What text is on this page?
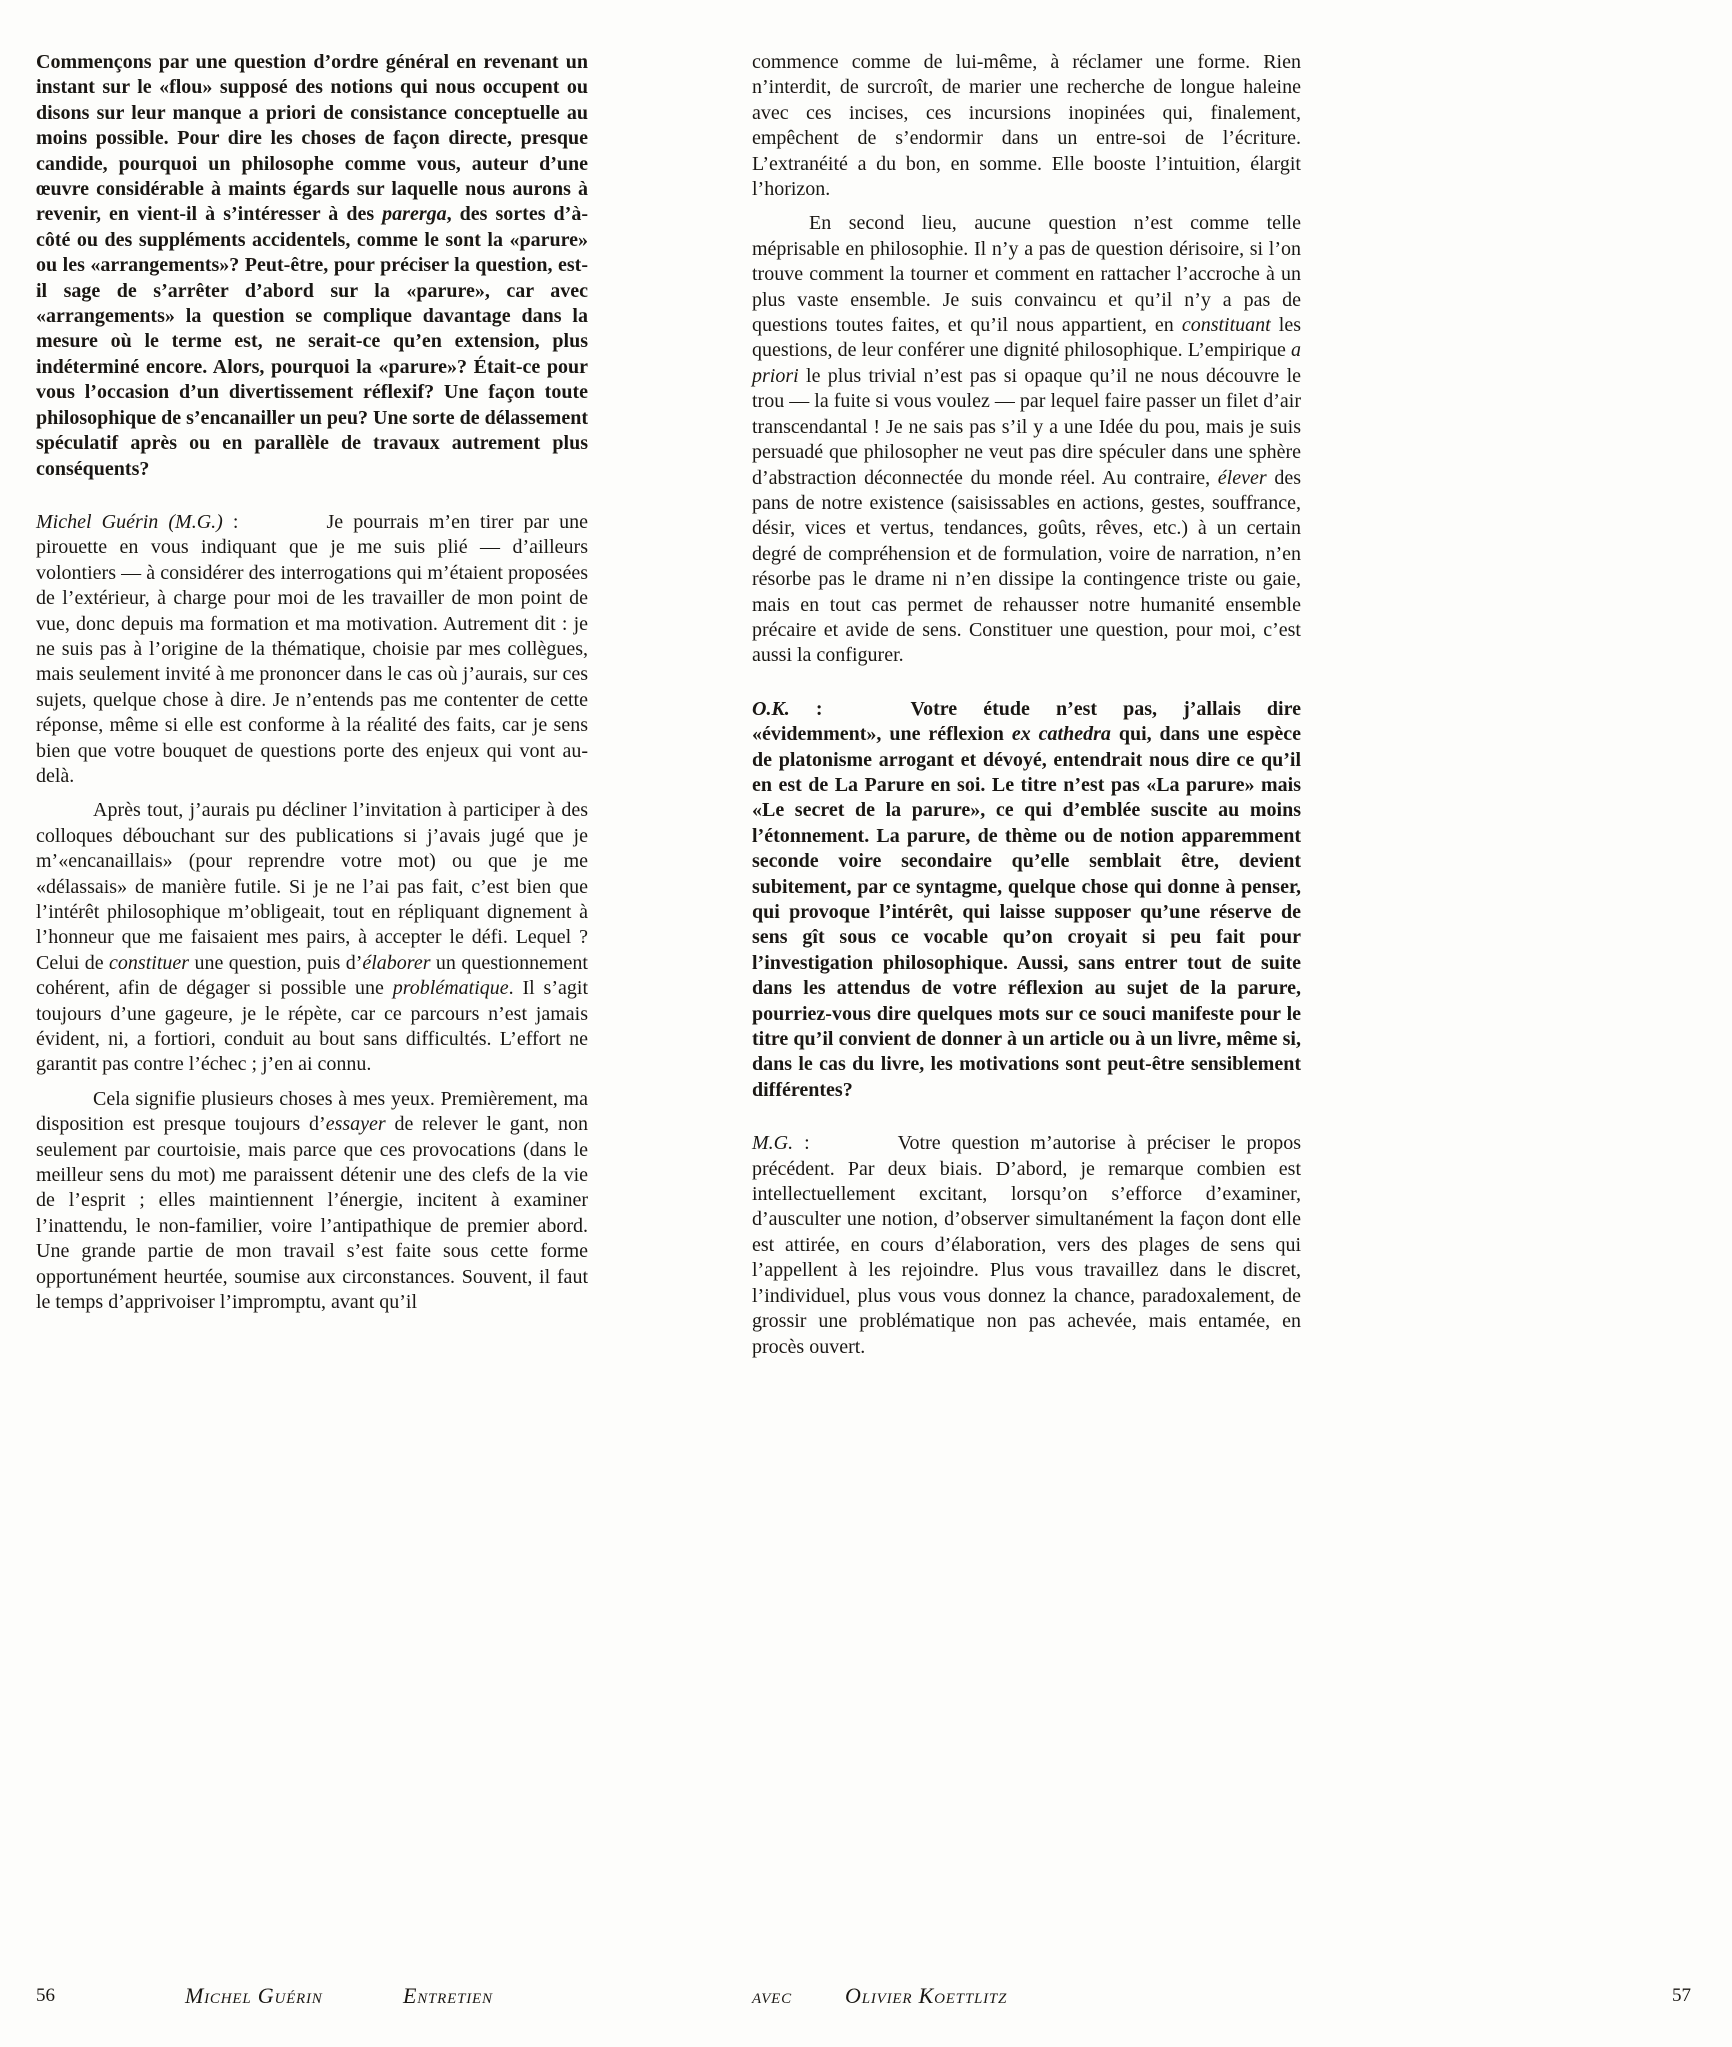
Commençons par une question d’ordre général en revenant un instant sur le «flou» supposé des notions qui nous occupent ou disons sur leur manque a priori de consistance conceptuelle au moins possible. Pour dire les choses de façon directe, presque candide, pourquoi un philosophe comme vous, auteur d’une œuvre considérable à maints égards sur laquelle nous aurons à revenir, en vient-il à s’intéresser à des parerga, des sortes d’à-côté ou des suppléments accidentels, comme le sont la «parure» ou les «arrangements»? Peut-être, pour préciser la question, est-il sage de s’arrêter d’abord sur la «parure», car avec «arrangements» la question se complique davantage dans la mesure où le terme est, ne serait-ce qu’en extension, plus indéterminé encore. Alors, pourquoi la «parure»? Était-ce pour vous l’occasion d’un divertissement réflexif? Une façon toute philosophique de s’encanailler un peu? Une sorte de délassement spéculatif après ou en parallèle de travaux autrement plus conséquents?

Michel Guérin (M.G.) :	Je pourrais m’en tirer par une pirouette en vous indiquant que je me suis plié — d’ailleurs volontiers — à considérer des interrogations qui m’étaient proposées de l’extérieur, à charge pour moi de les travailler de mon point de vue, donc depuis ma formation et ma motivation. Autrement dit : je ne suis pas à l’origine de la thématique, choisie par mes collègues, mais seulement invité à me prononcer dans le cas où j’aurais, sur ces sujets, quelque chose à dire. Je n’entends pas me contenter de cette réponse, même si elle est conforme à la réalité des faits, car je sens bien que votre bouquet de questions porte des enjeux qui vont au-delà.

Après tout, j’aurais pu décliner l’invitation à participer à des colloques débouchant sur des publications si j’avais jugé que je m’«encanaillais» (pour reprendre votre mot) ou que je me «délassais» de manière futile. Si je ne l’ai pas fait, c’est bien que l’intérêt philosophique m’obligeait, tout en répliquant dignement à l’honneur que me faisaient mes pairs, à accepter le défi. Lequel ? Celui de constituer une question, puis d’élaborer un questionnement cohérent, afin de dégager si possible une problématique. Il s’agit toujours d’une gageure, je le répète, car ce parcours n’est jamais évident, ni, a fortiori, conduit au bout sans difficultés. L’effort ne garantit pas contre l’échec ; j’en ai connu.

Cela signifie plusieurs choses à mes yeux. Premièrement, ma disposition est presque toujours d’essayer de relever le gant, non seulement par courtoisie, mais parce que ces provocations (dans le meilleur sens du mot) me paraissent détenir une des clefs de la vie de l’esprit ; elles maintiennent l’énergie, incitent à examiner l’inattendu, le non-familier, voire l’antipathique de premier abord. Une grande partie de mon travail s’est faite sous cette forme opportunément heurtée, soumise aux circonstances. Souvent, il faut le temps d’apprivoiser l’impromptu, avant qu’il

commence comme de lui-même, à réclamer une forme. Rien n’interdit, de surcroît, de marier une recherche de longue haleine avec ces incises, ces incursions inopinées qui, finalement, empêchent de s’endormir dans un entre-soi de l’écriture. L’extranéité a du bon, en somme. Elle booste l’intuition, élargit l’horizon.

En second lieu, aucune question n’est comme telle méprisable en philosophie. Il n’y a pas de question dérisoire, si l’on trouve comment la tourner et comment en rattacher l’accroche à un plus vaste ensemble. Je suis convaincu et qu’il n’y a pas de questions toutes faites, et qu’il nous appartient, en constituant les questions, de leur conférer une dignité philosophique. L’empirique a priori le plus trivial n’est pas si opaque qu’il ne nous découvre le trou — la fuite si vous voulez — par lequel faire passer un filet d’air transcendantal ! Je ne sais pas s’il y a une Idée du pou, mais je suis persuadé que philosopher ne veut pas dire spéculer dans une sphère d’abstraction déconnectée du monde réel. Au contraire, élever des pans de notre existence (saisissables en actions, gestes, souffrance, désir, vices et vertus, tendances, goûts, rêves, etc.) à un certain degré de compréhension et de formulation, voire de narration, n’en résorbe pas le drame ni n’en dissipe la contingence triste ou gaie, mais en tout cas permet de rehausser notre humanité ensemble précaire et avide de sens. Constituer une question, pour moi, c’est aussi la configurer.

O.K. :	Votre étude n’est pas, j’allais dire «évidemment», une réflexion ex cathedra qui, dans une espèce de platonisme arrogant et dévoyé, entendrait nous dire ce qu’il en est de La Parure en soi. Le titre n’est pas «La parure» mais «Le secret de la parure», ce qui d’emblée suscite au moins l’étonnement. La parure, de thème ou de notion apparemment seconde voire secondaire qu’elle semblait être, devient subitement, par ce syntagme, quelque chose qui donne à penser, qui provoque l’intérêt, qui laisse supposer qu’une réserve de sens gît sous ce vocable qu’on croyait si peu fait pour l’investigation philosophique. Aussi, sans entrer tout de suite dans les attendus de votre réflexion au sujet de la parure, pourriez-vous dire quelques mots sur ce souci manifeste pour le titre qu’il convient de donner à un article ou à un livre, même si, dans le cas du livre, les motivations sont peut-être sensiblement différentes?

M.G. :	Votre question m’autorise à préciser le propos précédent. Par deux biais. D’abord, je remarque combien est intellectuellement excitant, lorsqu’on s’efforce d’examiner, d’ausculter une notion, d’observer simultanément la façon dont elle est attirée, en cours d’élaboration, vers des plages de sens qui l’appellent à les rejoindre. Plus vous travaillez dans le discret, l’individuel, plus vous vous donnez la chance, paradoxalement, de grossir une problématique non pas achevée, mais entamée, en procès ouvert.

56	Michel Guérin	Entretien	avec Olivier Koettlitz	57
